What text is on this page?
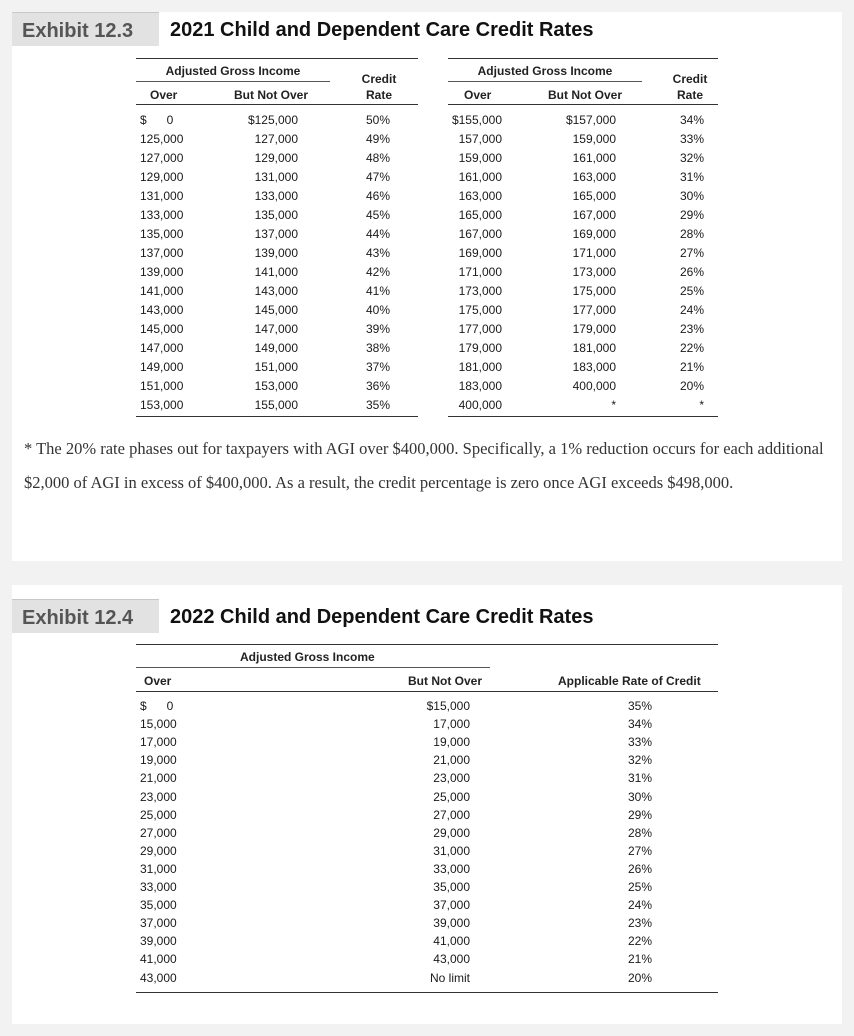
Exhibit 12.3	2021 Child and Dependent Care Credit Rates
Adjusted Gross Income
Credit
Rate
Over	But Not Over
Adjusted Gross Income
Credit
Rate
Over	But Not Over
$      0	$125,000	50%
125,000	127,000	49%
127,000	129,000	48%
129,000	131,000	47%
131,000	133,000	46%
133,000	135,000	45%
135,000	137,000	44%
137,000	139,000	43%
139,000	141,000	42%
141,000	143,000	41%
143,000	145,000	40%
145,000	147,000	39%
147,000	149,000	38%
149,000	151,000	37%
151,000	153,000	36%
153,000	155,000	35%
$155,000	$157,000	34%
157,000	159,000	33%
159,000	161,000	32%
161,000	163,000	31%
163,000	165,000	30%
165,000	167,000	29%
167,000	169,000	28%
169,000	171,000	27%
171,000	173,000	26%
173,000	175,000	25%
175,000	177,000	24%
177,000	179,000	23%
179,000	181,000	22%
181,000	183,000	21%
183,000	400,000	20%
400,000	*	*
* The 20% rate phases out for taxpayers with AGI over $400,000. Specifically, a 1% reduction occurs for each additional $2,000 of AGI in excess of $400,000. As a result, the credit percentage is zero once AGI exceeds $498,000.
Exhibit 12.4	2022 Child and Dependent Care Credit Rates
Adjusted Gross Income
Over	But Not Over	Applicable Rate of Credit
$      0	$15,000	35%
15,000	17,000	34%
17,000	19,000	33%
19,000	21,000	32%
21,000	23,000	31%
23,000	25,000	30%
25,000	27,000	29%
27,000	29,000	28%
29,000	31,000	27%
31,000	33,000	26%
33,000	35,000	25%
35,000	37,000	24%
37,000	39,000	23%
39,000	41,000	22%
41,000	43,000	21%
43,000	No limit	20%
